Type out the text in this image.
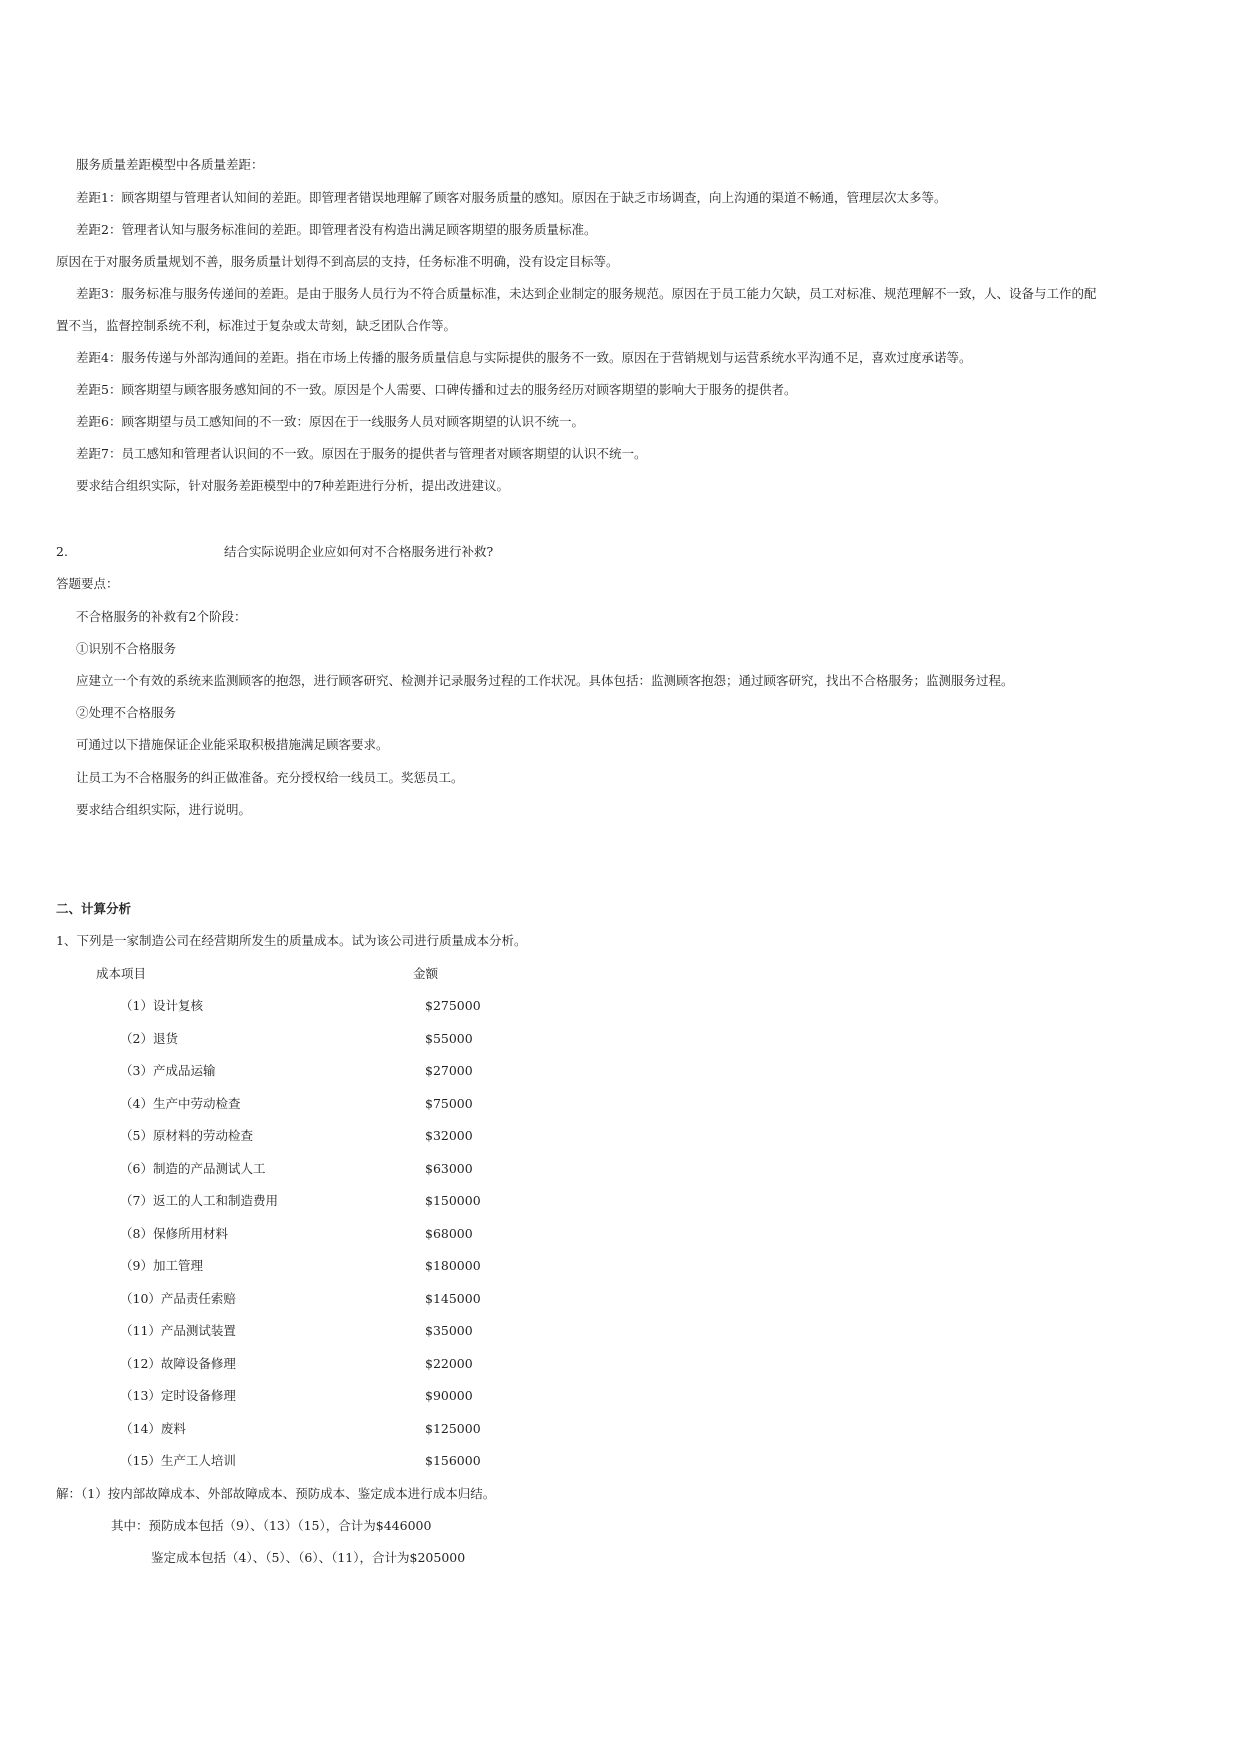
服务质量差距模型中各质量差距：
差距1：顾客期望与管理者认知间的差距。即管理者错误地理解了顾客对服务质量的感知。原因在于缺乏市场调查，向上沟通的渠道不畅通，管理层次太多等。
差距2：管理者认知与服务标准间的差距。即管理者没有构造出满足顾客期望的服务质量标准。
原因在于对服务质量规划不善，服务质量计划得不到高层的支持，任务标准不明确，没有设定目标等。
差距3：服务标准与服务传递间的差距。是由于服务人员行为不符合质量标准，未达到企业制定的服务规范。原因在于员工能力欠缺，员工对标准、规范理解不一致，人、设备与工作的配
置不当，监督控制系统不利，标准过于复杂或太苛刻，缺乏团队合作等。
差距4：服务传递与外部沟通间的差距。指在市场上传播的服务质量信息与实际提供的服务不一致。原因在于营销规划与运营系统水平沟通不足，喜欢过度承诺等。
差距5：顾客期望与顾客服务感知间的不一致。原因是个人需要、口碑传播和过去的服务经历对顾客期望的影响大于服务的提供者。
差距6：顾客期望与员工感知间的不一致：原因在于一线服务人员对顾客期望的认识不统一。
差距7：员工感知和管理者认识间的不一致。原因在于服务的提供者与管理者对顾客期望的认识不统一。
要求结合组织实际，针对服务差距模型中的7种差距进行分析，提出改进建议。
2.	结合实际说明企业应如何对不合格服务进行补救?
答题要点：
不合格服务的补救有2个阶段：
①识别不合格服务
应建立一个有效的系统来监测顾客的抱怨，进行顾客研究、检测并记录服务过程的工作状况。具体包括：监测顾客抱怨；通过顾客研究，找出不合格服务；监测服务过程。
②处理不合格服务
可通过以下措施保证企业能采取积极措施满足顾客要求。
让员工为不合格服务的纠正做准备。充分授权给一线员工。奖惩员工。
要求结合组织实际，进行说明。
二、计算分析
1、下列是一家制造公司在经营期所发生的质量成本。试为该公司进行质量成本分析。
成本项目	金额
（1）设计复核	$275000
（2）退货	$55000
（3）产成品运输	$27000
（4）生产中劳动检查	$75000
（5）原材料的劳动检查	$32000
（6）制造的产品测试人工	$63000
（7）返工的人工和制造费用	$150000
（8）保修所用材料	$68000
（9）加工管理	$180000
（10）产品责任索赔	$145000
（11）产品测试装置	$35000
（12）故障设备修理	$22000
（13）定时设备修理	$90000
（14）废料	$125000
（15）生产工人培训	$156000
解：（1）按内部故障成本、外部故障成本、预防成本、鉴定成本进行成本归结。
其中：预防成本包括（9）、（13）（15），合计为$446000
鉴定成本包括（4）、（5）、（6）、（11），合计为$205000
